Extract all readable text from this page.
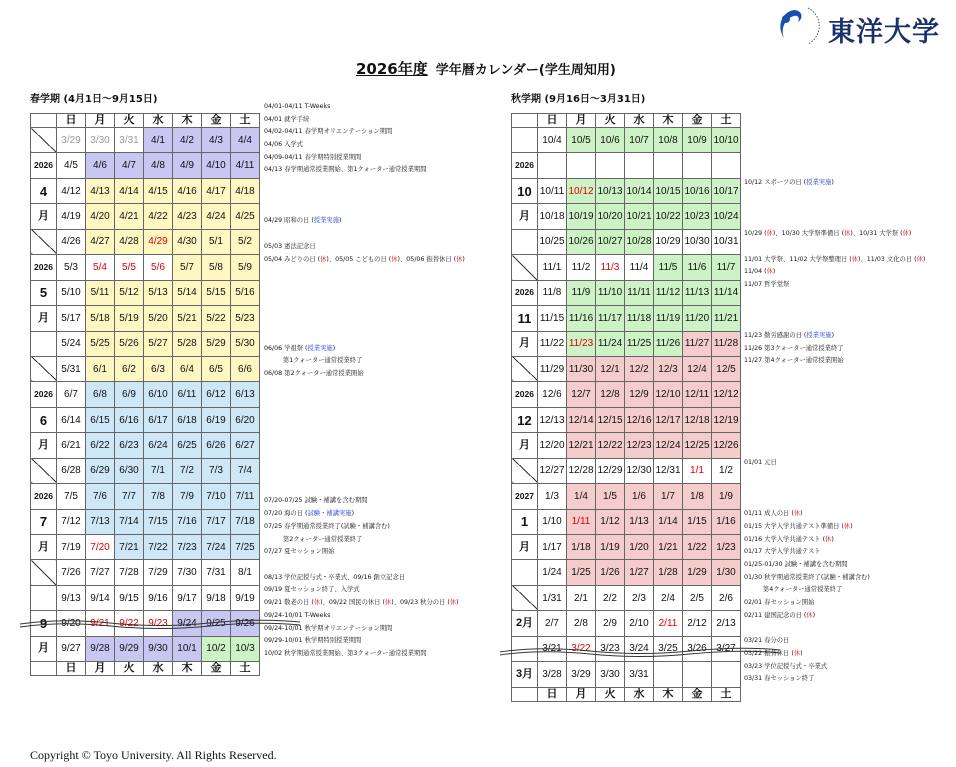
東洋大学
2026年度 学年暦カレンダー(学生周知用)
春学期 (4月1日～9月15日)	秋学期 (9月16日～3月31日)
	日	月	火	水	木	金	土
	3/29	3/30	3/31	4/1	4/2	4/3	4/4
2026	4/5	4/6	4/7	4/8	4/9	4/10	4/11
4	4/12	4/13	4/14	4/15	4/16	4/17	4/18
月	4/19	4/20	4/21	4/22	4/23	4/24	4/25
	4/26	4/27	4/28	4/29	4/30	5/1	5/2
2026	5/3	5/4	5/5	5/6	5/7	5/8	5/9
5	5/10	5/11	5/12	5/13	5/14	5/15	5/16
月	5/17	5/18	5/19	5/20	5/21	5/22	5/23
	5/24	5/25	5/26	5/27	5/28	5/29	5/30
	5/31	6/1	6/2	6/3	6/4	6/5	6/6
2026	6/7	6/8	6/9	6/10	6/11	6/12	6/13
6	6/14	6/15	6/16	6/17	6/18	6/19	6/20
月	6/21	6/22	6/23	6/24	6/25	6/26	6/27
	6/28	6/29	6/30	7/1	7/2	7/3	7/4
2026	7/5	7/6	7/7	7/8	7/9	7/10	7/11
7	7/12	7/13	7/14	7/15	7/16	7/17	7/18
月	7/19	7/20	7/21	7/22	7/23	7/24	7/25
	7/26	7/27	7/28	7/29	7/30	7/31	8/1
	9/13	9/14	9/15	9/16	9/17	9/18	9/19
9	9/20	9/21	9/22	9/23	9/24	9/25	9/26
月	9/27	9/28	9/29	9/30	10/1	10/2	10/3
	日	月	火	水	木	金	土
	日	月	火	水	木	金	土
	10/4	10/5	10/6	10/7	10/8	10/9	10/10
2026							
10	10/11	10/12	10/13	10/14	10/15	10/16	10/17
月	10/18	10/19	10/20	10/21	10/22	10/23	10/24
	10/25	10/26	10/27	10/28	10/29	10/30	10/31
	11/1	11/2	11/3	11/4	11/5	11/6	11/7
2026	11/8	11/9	11/10	11/11	11/12	11/13	11/14
11	11/15	11/16	11/17	11/18	11/19	11/20	11/21
月	11/22	11/23	11/24	11/25	11/26	11/27	11/28
	11/29	11/30	12/1	12/2	12/3	12/4	12/5
2026	12/6	12/7	12/8	12/9	12/10	12/11	12/12
12	12/13	12/14	12/15	12/16	12/17	12/18	12/19
月	12/20	12/21	12/22	12/23	12/24	12/25	12/26
	12/27	12/28	12/29	12/30	12/31	1/1	1/2
2027	1/3	1/4	1/5	1/6	1/7	1/8	1/9
1	1/10	1/11	1/12	1/13	1/14	1/15	1/16
月	1/17	1/18	1/19	1/20	1/21	1/22	1/23
	1/24	1/25	1/26	1/27	1/28	1/29	1/30
	1/31	2/1	2/2	2/3	2/4	2/5	2/6
2月	2/7	2/8	2/9	2/10	2/11	2/12	2/13
	3/21	3/22	3/23	3/24	3/25	3/26	3/27
3月	3/28	3/29	3/30	3/31			
	日	月	火	水	木	金	土
04/01-04/11 T-Weeks
04/01 就学手続
04/02-04/11 春学期オリエンテーション期間
04/06 入学式
04/09-04/11 春学期特別授業期間
04/13 春学期通常授業開始、第1クォーター通常授業期間
04/29 昭和の日 (授業実施)
05/03 憲法記念日
05/04 みどりの日 (休)、05/05 こどもの日 (休)、05/06 振替休日 (休)
06/06 学祖祭 (授業実施)
　　　第1クォーター通常授業終了
06/08 第2クォーター通常授業開始
07/20-07/25 試験・補講を含む期間
07/20 海の日 (試験・補講実施)
07/25 春学期通常授業終了(試験・補講含む)
　　　第2クォーター通常授業終了
07/27 夏セッション開始
08/13 学位記授与式・卒業式、09/16 創立記念日
09/19 夏セッション終了、入学式
09/21 敬老の日 (休)、09/22 国民の休日 (休)、09/23 秋分の日 (休)
09/24-10/01 T-Weeks
09/24-10/01 秋学期オリエンテーション期間
09/29-10/01 秋学期特別授業期間
10/02 秋学期通常授業開始、第3クォーター通常授業期間
10/12 スポーツの日 (授業実施)
10/29 (休)、10/30 大学祭準備日 (休)、10/31 大学祭 (休)
11/01 大学祭、11/02 大学祭整理日 (休)、11/03 文化の日 (休)
11/04 (休)
11/07 哲学堂祭
11/23 勤労感謝の日 (授業実施)
11/26 第3クォーター通常授業終了
11/27 第4クォーター通常授業開始
01/01 元日
01/11 成人の日 (休)
01/15 大学入学共通テスト準備日 (休)
01/16 大学入学共通テスト (休)
01/17 大学入学共通テスト
01/25-01/30 試験・補講を含む期間
01/30 秋学期通常授業終了(試験・補講含む)
　　　第4クォーター通常授業終了
02/01 春セッション開始
02/11 建国記念の日 (休)
03/21 春分の日
03/22 振替休日 (休)
03/23 学位記授与式・卒業式
03/31 春セッション終了
Copyright © Toyo University. All Rights Reserved.
